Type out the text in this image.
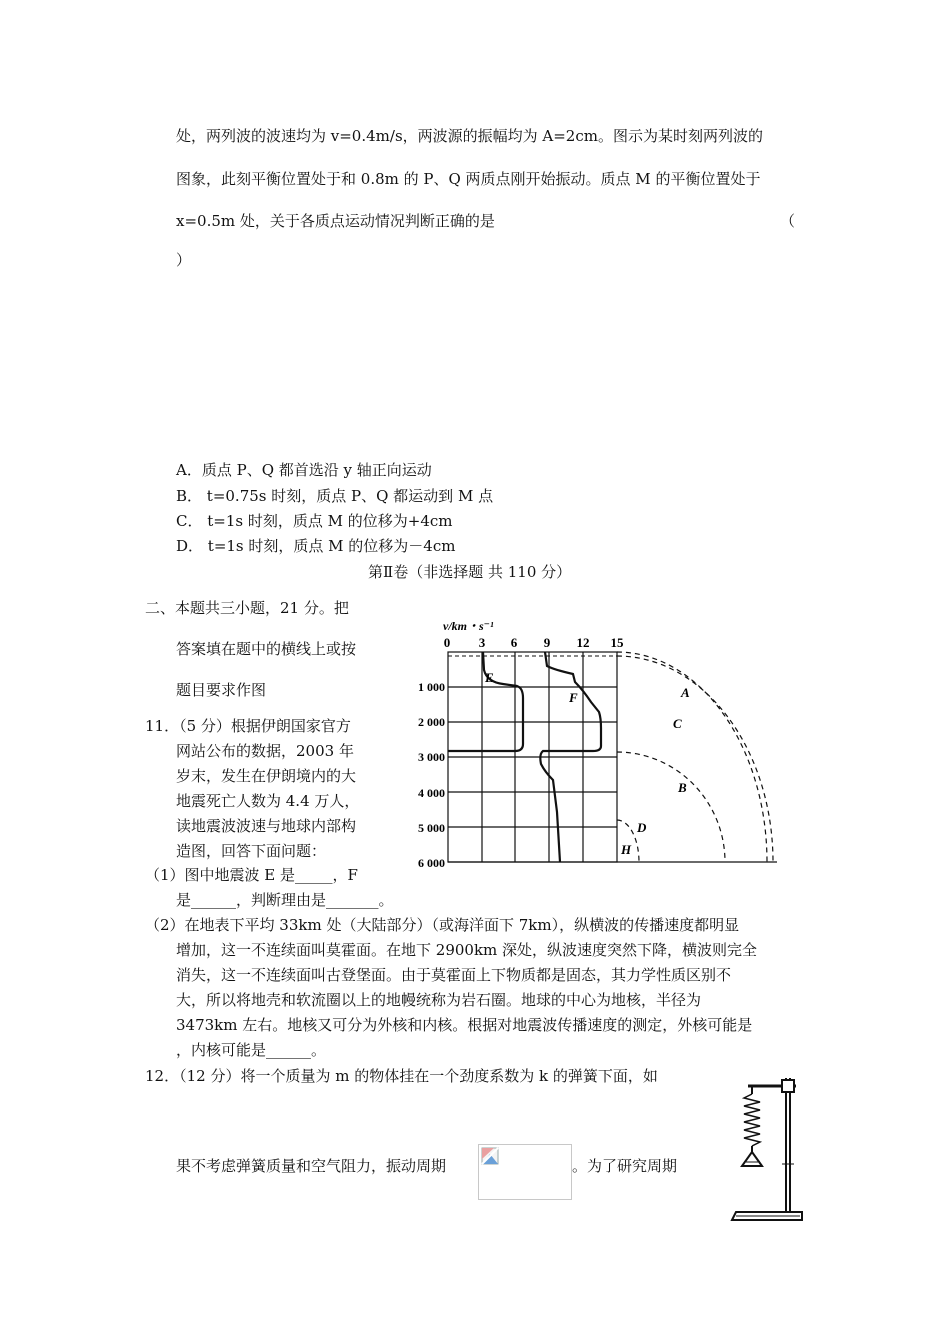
处，两列波的波速均为 v=0.4m/s，两波源的振幅均为 A=2cm。图示为某时刻两列波的
图象，此刻平衡位置处于和 0.8m 的 P、Q 两质点刚开始振动。质点 M 的平衡位置处于
x=0.5m 处，关于各质点运动情况判断正确的是	（
）
A．质点 P、Q 都首选沿 y 轴正向运动
B． t=0.75s 时刻，质点 P、Q 都运动到 M 点
C． t=1s 时刻，质点 M 的位移为+4cm
D． t=1s 时刻，质点 M 的位移为－4cm
第Ⅱ卷（非选择题 共 110 分）
二、本题共三小题，21 分。把
答案填在题中的横线上或按
题目要求作图
11．（5 分）根据伊朗国家官方
网站公布的数据，2003 年
岁末，发生在伊朗境内的大
地震死亡人数为 4.4 万人，
读地震波波速与地球内部构
造图，回答下面问题：
（1）图中地震波 E 是_____，F
是______，判断理由是_______。
（2）在地表下平均 33km 处（大陆部分）（或海洋面下 7km），纵横波的传播速度都明显
增加，这一不连续面叫莫霍面。在地下 2900km 深处，纵波速度突然下降，横波则完全
消失，这一不连续面叫古登堡面。由于莫霍面上下物质都是固态，其力学性质区别不
大，所以将地壳和软流圈以上的地幔统称为岩石圈。地球的中心为地核，半径为
3473km 左右。地核又可分为外核和内核。根据对地震波传播速度的测定，外核可能是
，内核可能是______。
12．（12 分）将一个质量为 m 的物体挂在一个劲度系数为 k 的弹簧下面，如
果不考虑弹簧质量和空气阻力，振动周期	。为了研究周期
v/km・s⁻¹
0 3 6 9 12 15
1 000
2 000
3 000
4 000
5 000
6 000
E
F	A
C
B
D
H
